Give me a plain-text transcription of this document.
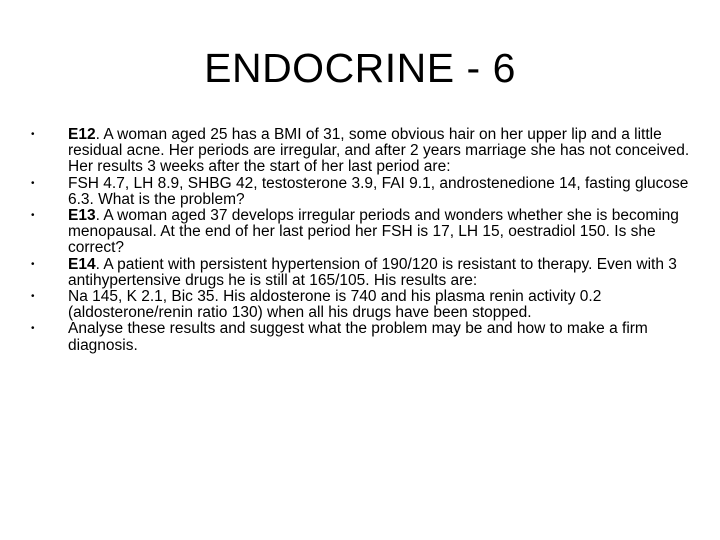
ENDOCRINE - 6
•	E12. A woman aged 25 has a BMI of 31, some obvious hair on her upper lip and a little residual acne. Her periods are irregular, and after 2 years marriage she has not conceived. Her results 3 weeks after the start of her last period are:
•	FSH 4.7, LH 8.9, SHBG 42, testosterone 3.9, FAI 9.1, androstenedione 14, fasting glucose 6.3. What is the problem?
•	E13. A woman aged 37 develops irregular periods and wonders whether she is becoming menopausal. At the end of her last period her FSH is 17, LH 15, oestradiol 150. Is she correct?
•	E14. A patient with persistent hypertension of 190/120 is resistant to therapy. Even with 3 antihypertensive drugs he is still at 165/105. His results are:
•	Na 145, K 2.1, Bic 35. His aldosterone is 740 and his plasma renin activity 0.2 (aldosterone/renin ratio 130) when all his drugs have been stopped.
•	Analyse these results and suggest what the problem may be and how to make a firm diagnosis.
